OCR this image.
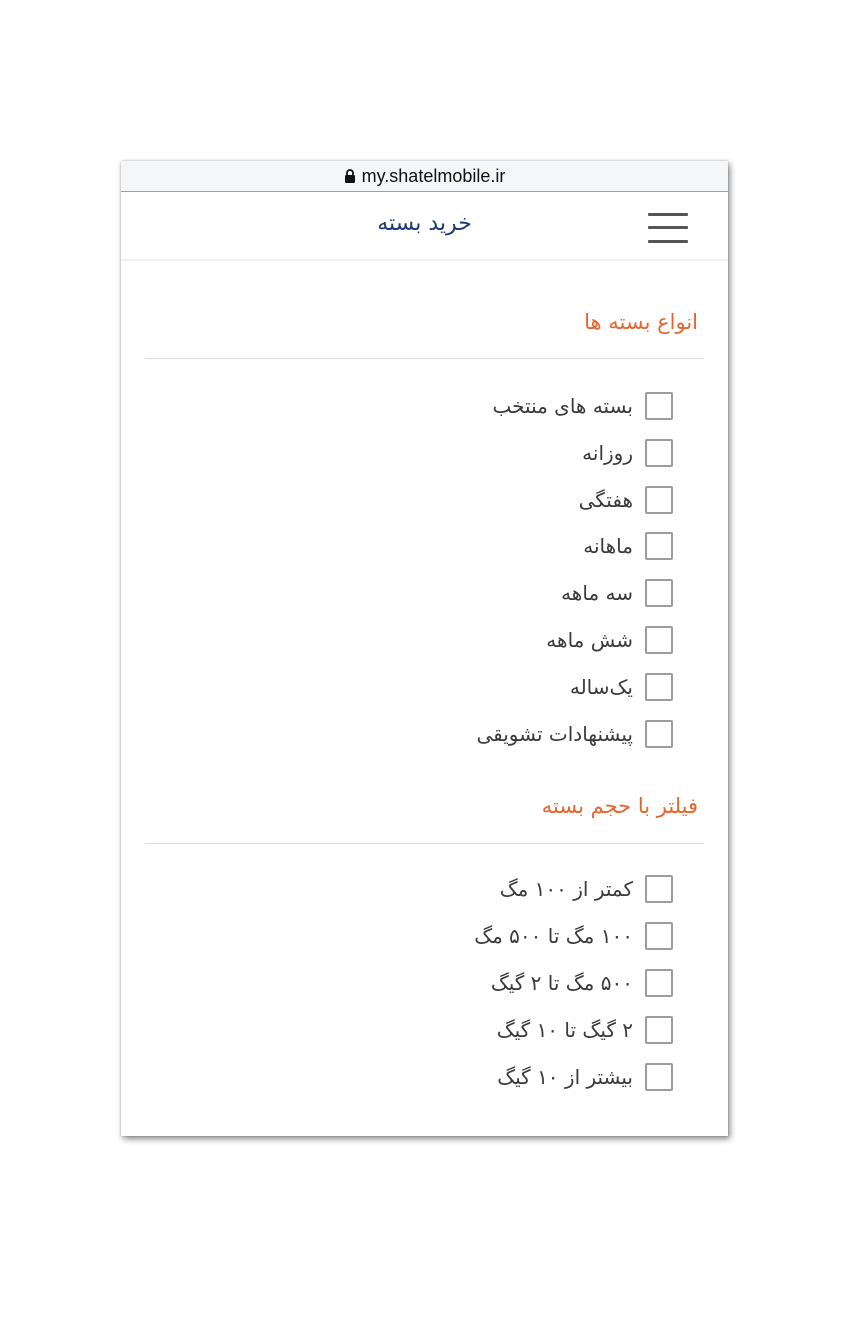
my.shatelmobile.ir
خرید بسته
انواع بسته ها
بسته های منتخب
روزانه
هفتگی
ماهانه
سه ماهه
شش ماهه
یک‌ساله
پیشنهادات تشویقی
فیلتر با حجم بسته
کمتر از ۱۰۰ مگ
۱۰۰ مگ تا ۵۰۰ مگ
۵۰۰ مگ تا ۲ گیگ
۲ گیگ تا ۱۰ گیگ
بیشتر از ۱۰ گیگ
